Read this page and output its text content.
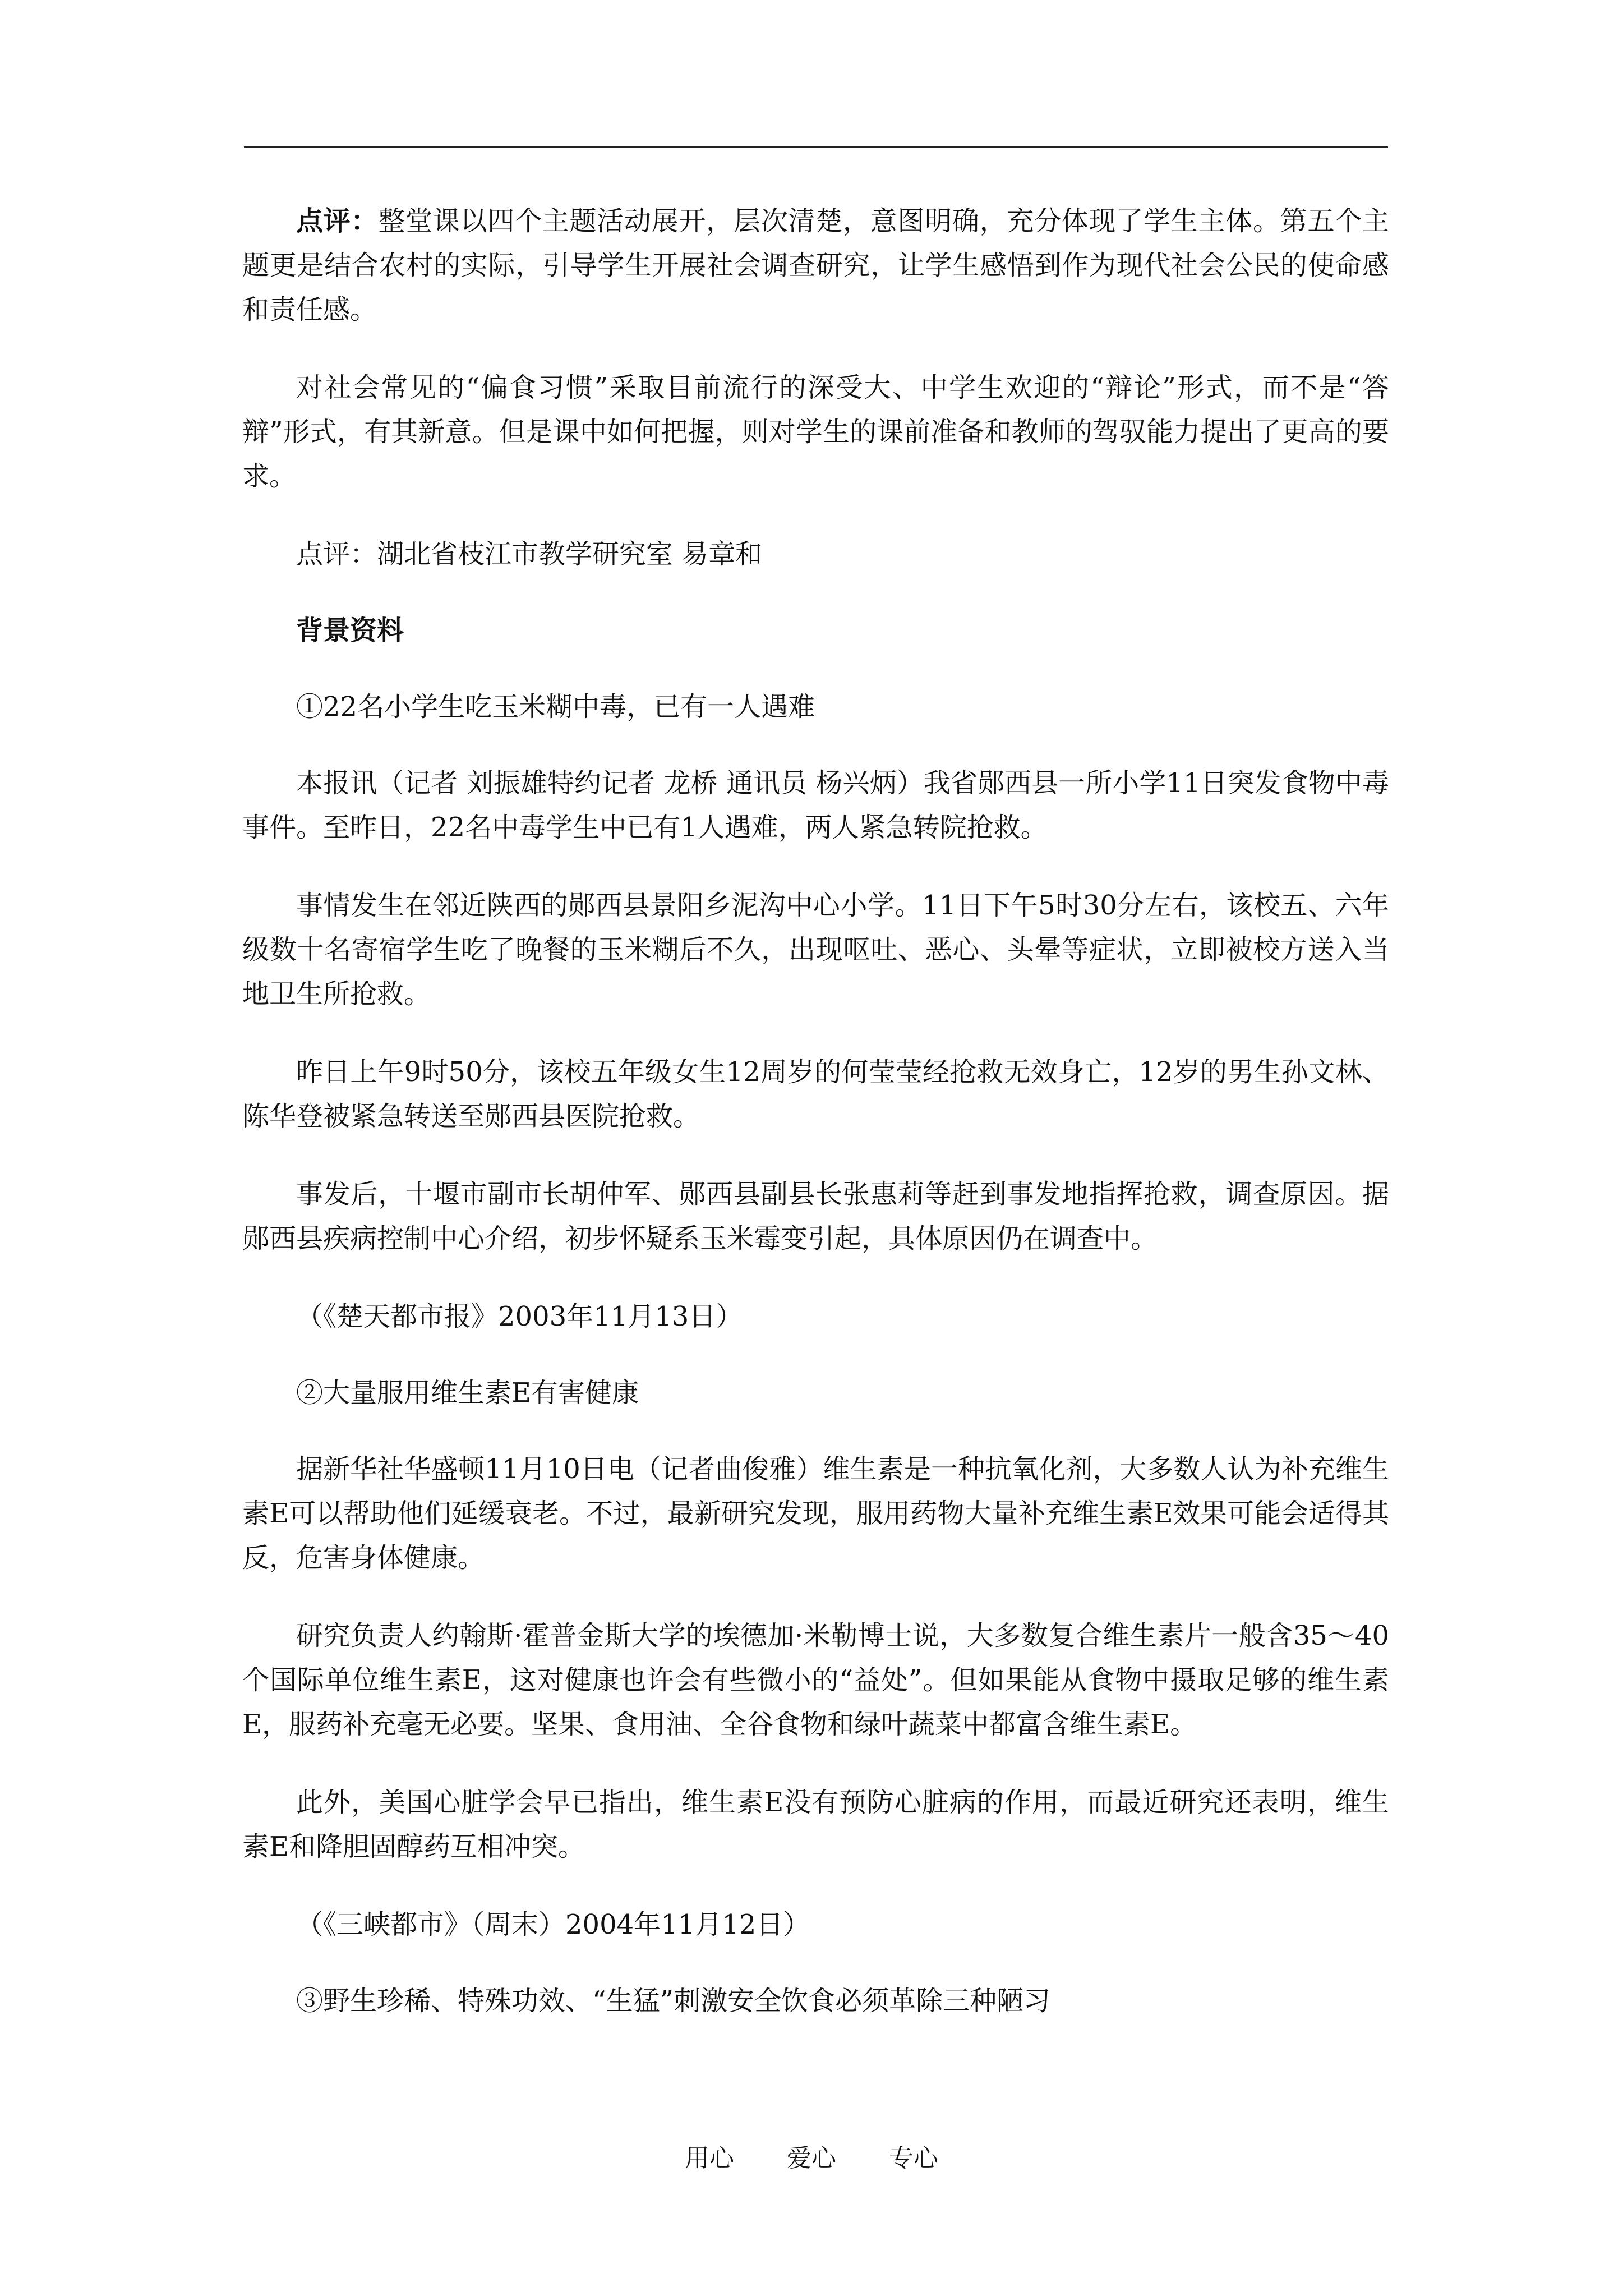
点评：整堂课以四个主题活动展开，层次清楚，意图明确，充分体现了学生主体。第五个主题更是结合农村的实际，引导学生开展社会调查研究，让学生感悟到作为现代社会公民的使命感和责任感。

对社会常见的“偏食习惯”采取目前流行的深受大、中学生欢迎的“辩论”形式，而不是“答辩”形式，有其新意。但是课中如何把握，则对学生的课前准备和教师的驾驭能力提出了更高的要求。

点评：湖北省枝江市教学研究室 易章和

背景资料

①22名小学生吃玉米糊中毒，已有一人遇难

本报讯（记者 刘振雄特约记者 龙桥 通讯员 杨兴炳）我省郧西县一所小学11日突发食物中毒事件。至昨日，22名中毒学生中已有1人遇难，两人紧急转院抢救。

事情发生在邻近陕西的郧西县景阳乡泥沟中心小学。11日下午5时30分左右，该校五、六年级数十名寄宿学生吃了晚餐的玉米糊后不久，出现呕吐、恶心、头晕等症状，立即被校方送入当地卫生所抢救。

昨日上午9时50分，该校五年级女生12周岁的何莹莹经抢救无效身亡，12岁的男生孙文林、陈华登被紧急转送至郧西县医院抢救。

事发后，十堰市副市长胡仲军、郧西县副县长张惠莉等赶到事发地指挥抢救，调查原因。据郧西县疾病控制中心介绍，初步怀疑系玉米霉变引起，具体原因仍在调查中。

（《楚天都市报》2003年11月13日）

②大量服用维生素E有害健康

据新华社华盛顿11月10日电（记者曲俊雅）维生素是一种抗氧化剂，大多数人认为补充维生素E可以帮助他们延缓衰老。不过，最新研究发现，服用药物大量补充维生素E效果可能会适得其反，危害身体健康。

研究负责人约翰斯·霍普金斯大学的埃德加·米勒博士说，大多数复合维生素片一般含35～40个国际单位维生素E，这对健康也许会有些微小的“益处”。但如果能从食物中摄取足够的维生素E，服药补充毫无必要。坚果、食用油、全谷食物和绿叶蔬菜中都富含维生素E。

此外，美国心脏学会早已指出，维生素E没有预防心脏病的作用，而最近研究还表明，维生素E和降胆固醇药互相冲突。

（《三峡都市》（周末）2004年11月12日）

③野生珍稀、特殊功效、“生猛”刺激安全饮食必须革除三种陋习

用心 爱心 专心
